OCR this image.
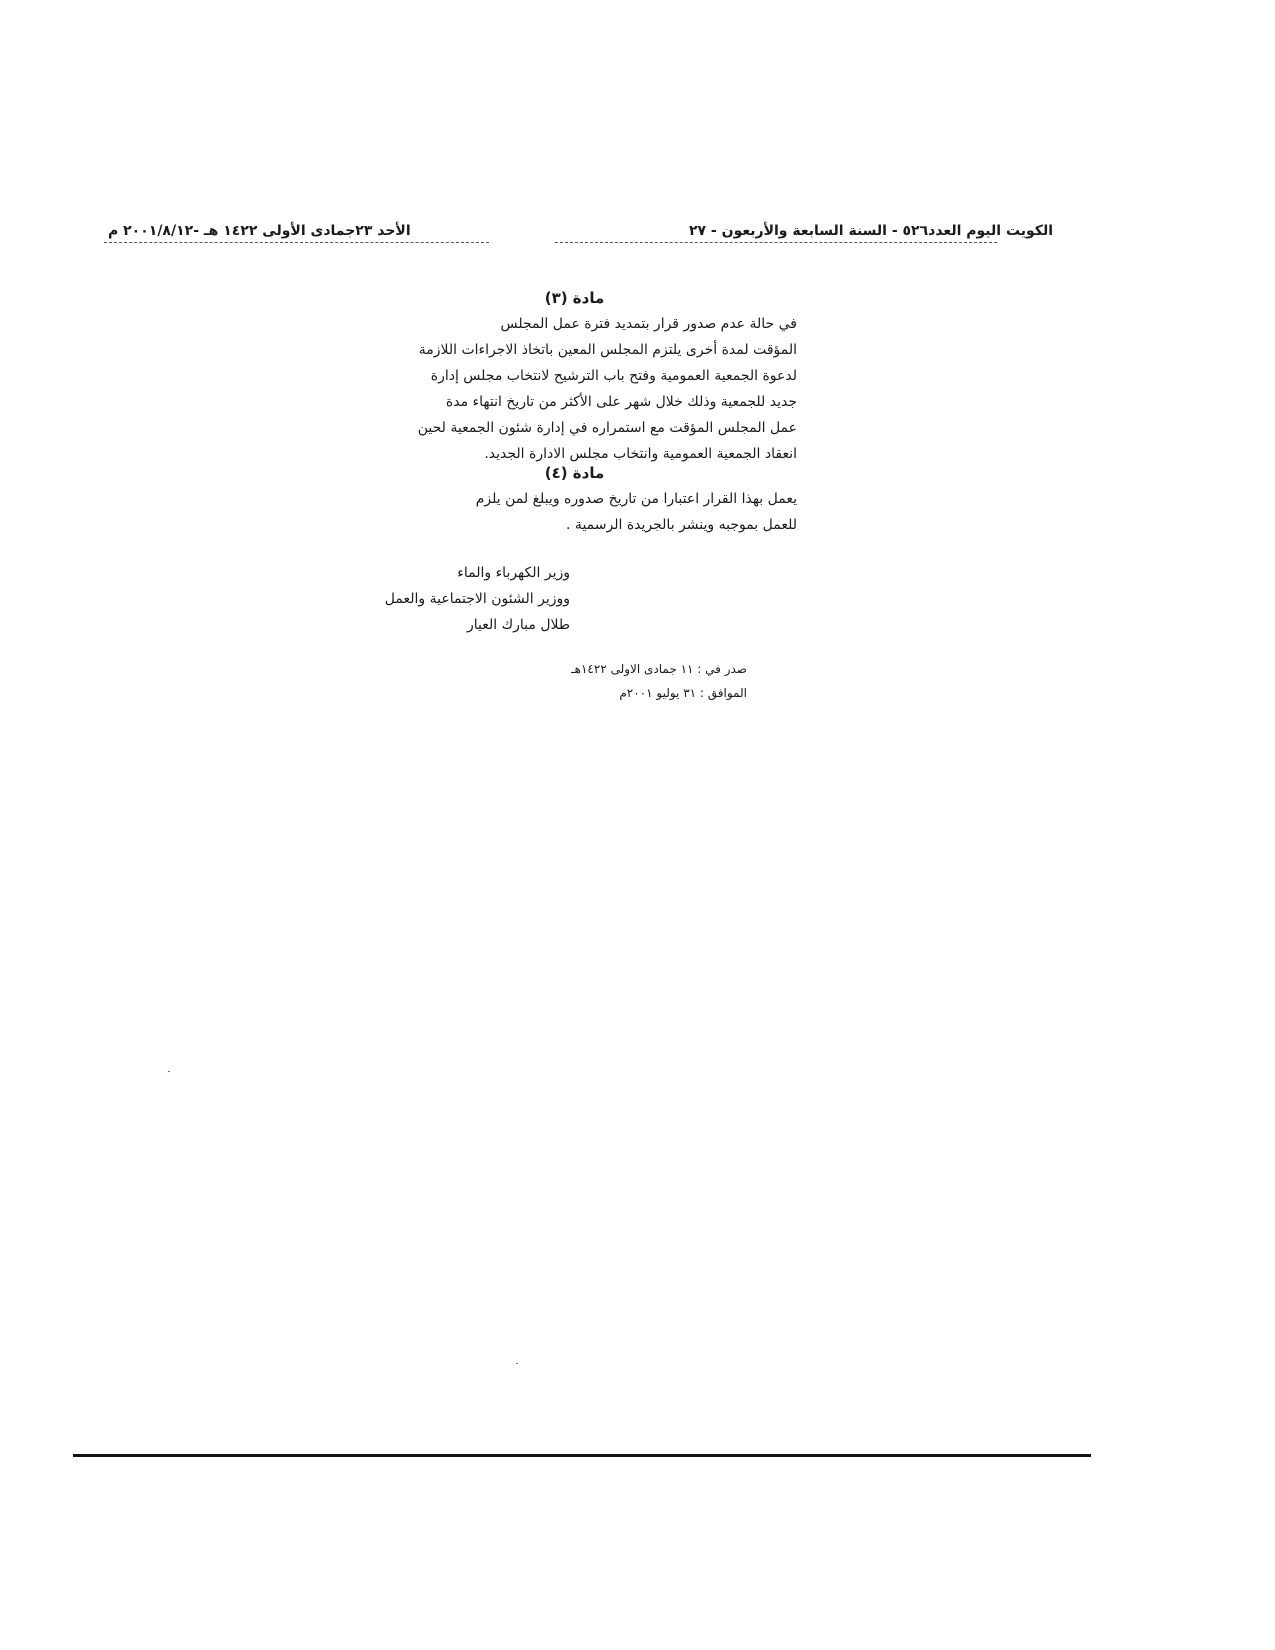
الكويت اليوم العدد٥٢٦ - السنة السابعة والأربعون - ٢٧
الأحد ٢٣جمادى الأولى ١٤٢٢ هـ -٢٠٠١/٨/١٢ م

مادة (٣)

في حالة عدم صدور قرار بتمديد فترة عمل المجلس

المؤقت لمدة أخرى يلتزم المجلس المعين باتخاذ الاجراءات اللازمة

لدعوة الجمعية العمومية وفتح باب الترشيح لانتخاب مجلس إدارة

جديد للجمعية وذلك خلال شهر على الأكثر من تاريخ انتهاء مدة

عمل المجلس المؤقت مع استمراره في إدارة شئون الجمعية لحين

انعقاد الجمعية العمومية وانتخاب مجلس الادارة الجديد.

مادة (٤)

يعمل بهذا القرار اعتبارا من تاريخ صدوره ويبلغ لمن يلزم

للعمل بموجبه وينشر بالجريدة الرسمية .

وزير الكهرباء والماء
ووزير الشئون الاجتماعية والعمل
طلال مبارك العيار
صدر في : ١١ جمادى الاولى ١٤٢٢هـ
الموافق : ٣١ يوليو ٢٠٠١م
